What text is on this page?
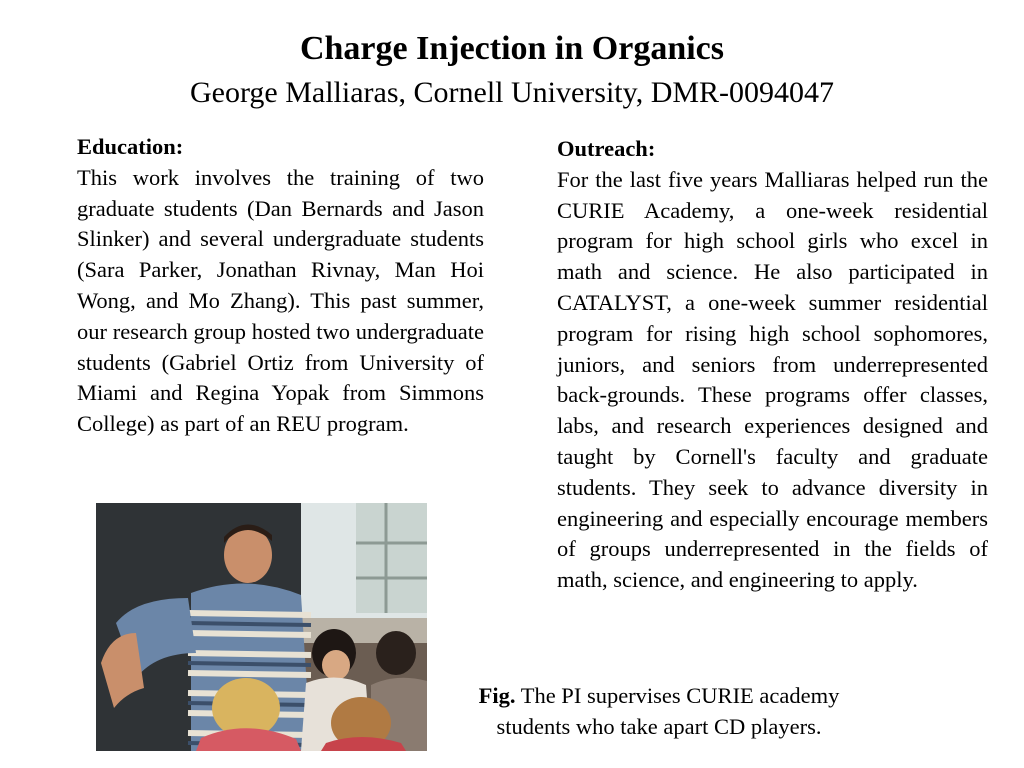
Charge Injection in Organics
George Malliaras, Cornell University, DMR-0094047
Education:
This work involves the training of two graduate students (Dan Bernards and Jason Slinker) and several undergraduate students (Sara Parker, Jonathan Rivnay, Man Hoi Wong, and Mo Zhang). This past summer, our research group hosted two undergraduate students (Gabriel Ortiz from University of Miami and Regina Yopak from Simmons College) as part of an REU program.
Outreach:
For the last five years Malliaras helped run the CURIE Academy, a one-week residential program for high school girls who excel in math and science. He also participated in CATALYST, a one-week summer residential program for rising high school sophomores, juniors, and seniors from underrepresented back-grounds. These programs offer classes, labs, and research experiences designed and taught by Cornell's faculty and graduate students. They seek to advance diversity in engineering and especially encourage members of groups underrepresented in the fields of math, science, and engineering to apply.
Fig. The PI supervises CURIE academy students who take apart CD players.
